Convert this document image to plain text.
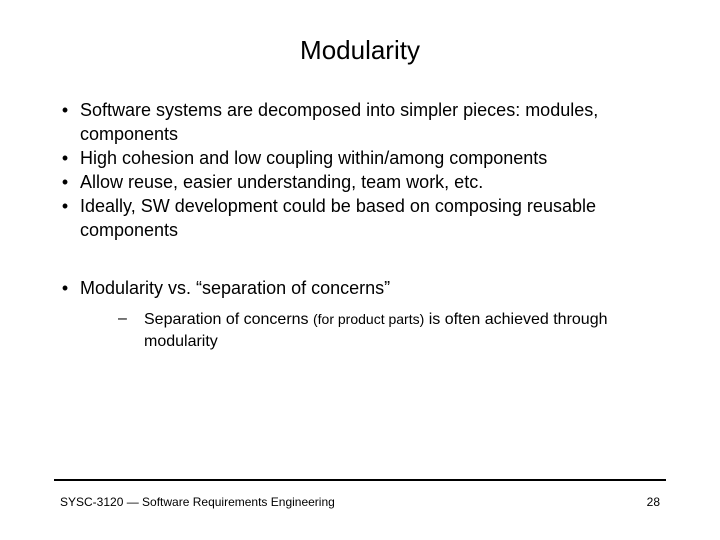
Modularity
• Software systems are decomposed into simpler pieces: modules, components
• High cohesion and low coupling within/among components
• Allow reuse, easier understanding, team work, etc.
• Ideally, SW development could be based on composing reusable components
• Modularity vs. “separation of concerns”
– Separation of concerns (for product parts) is often achieved through modularity
SYSC-3120 — Software Requirements Engineering	28
